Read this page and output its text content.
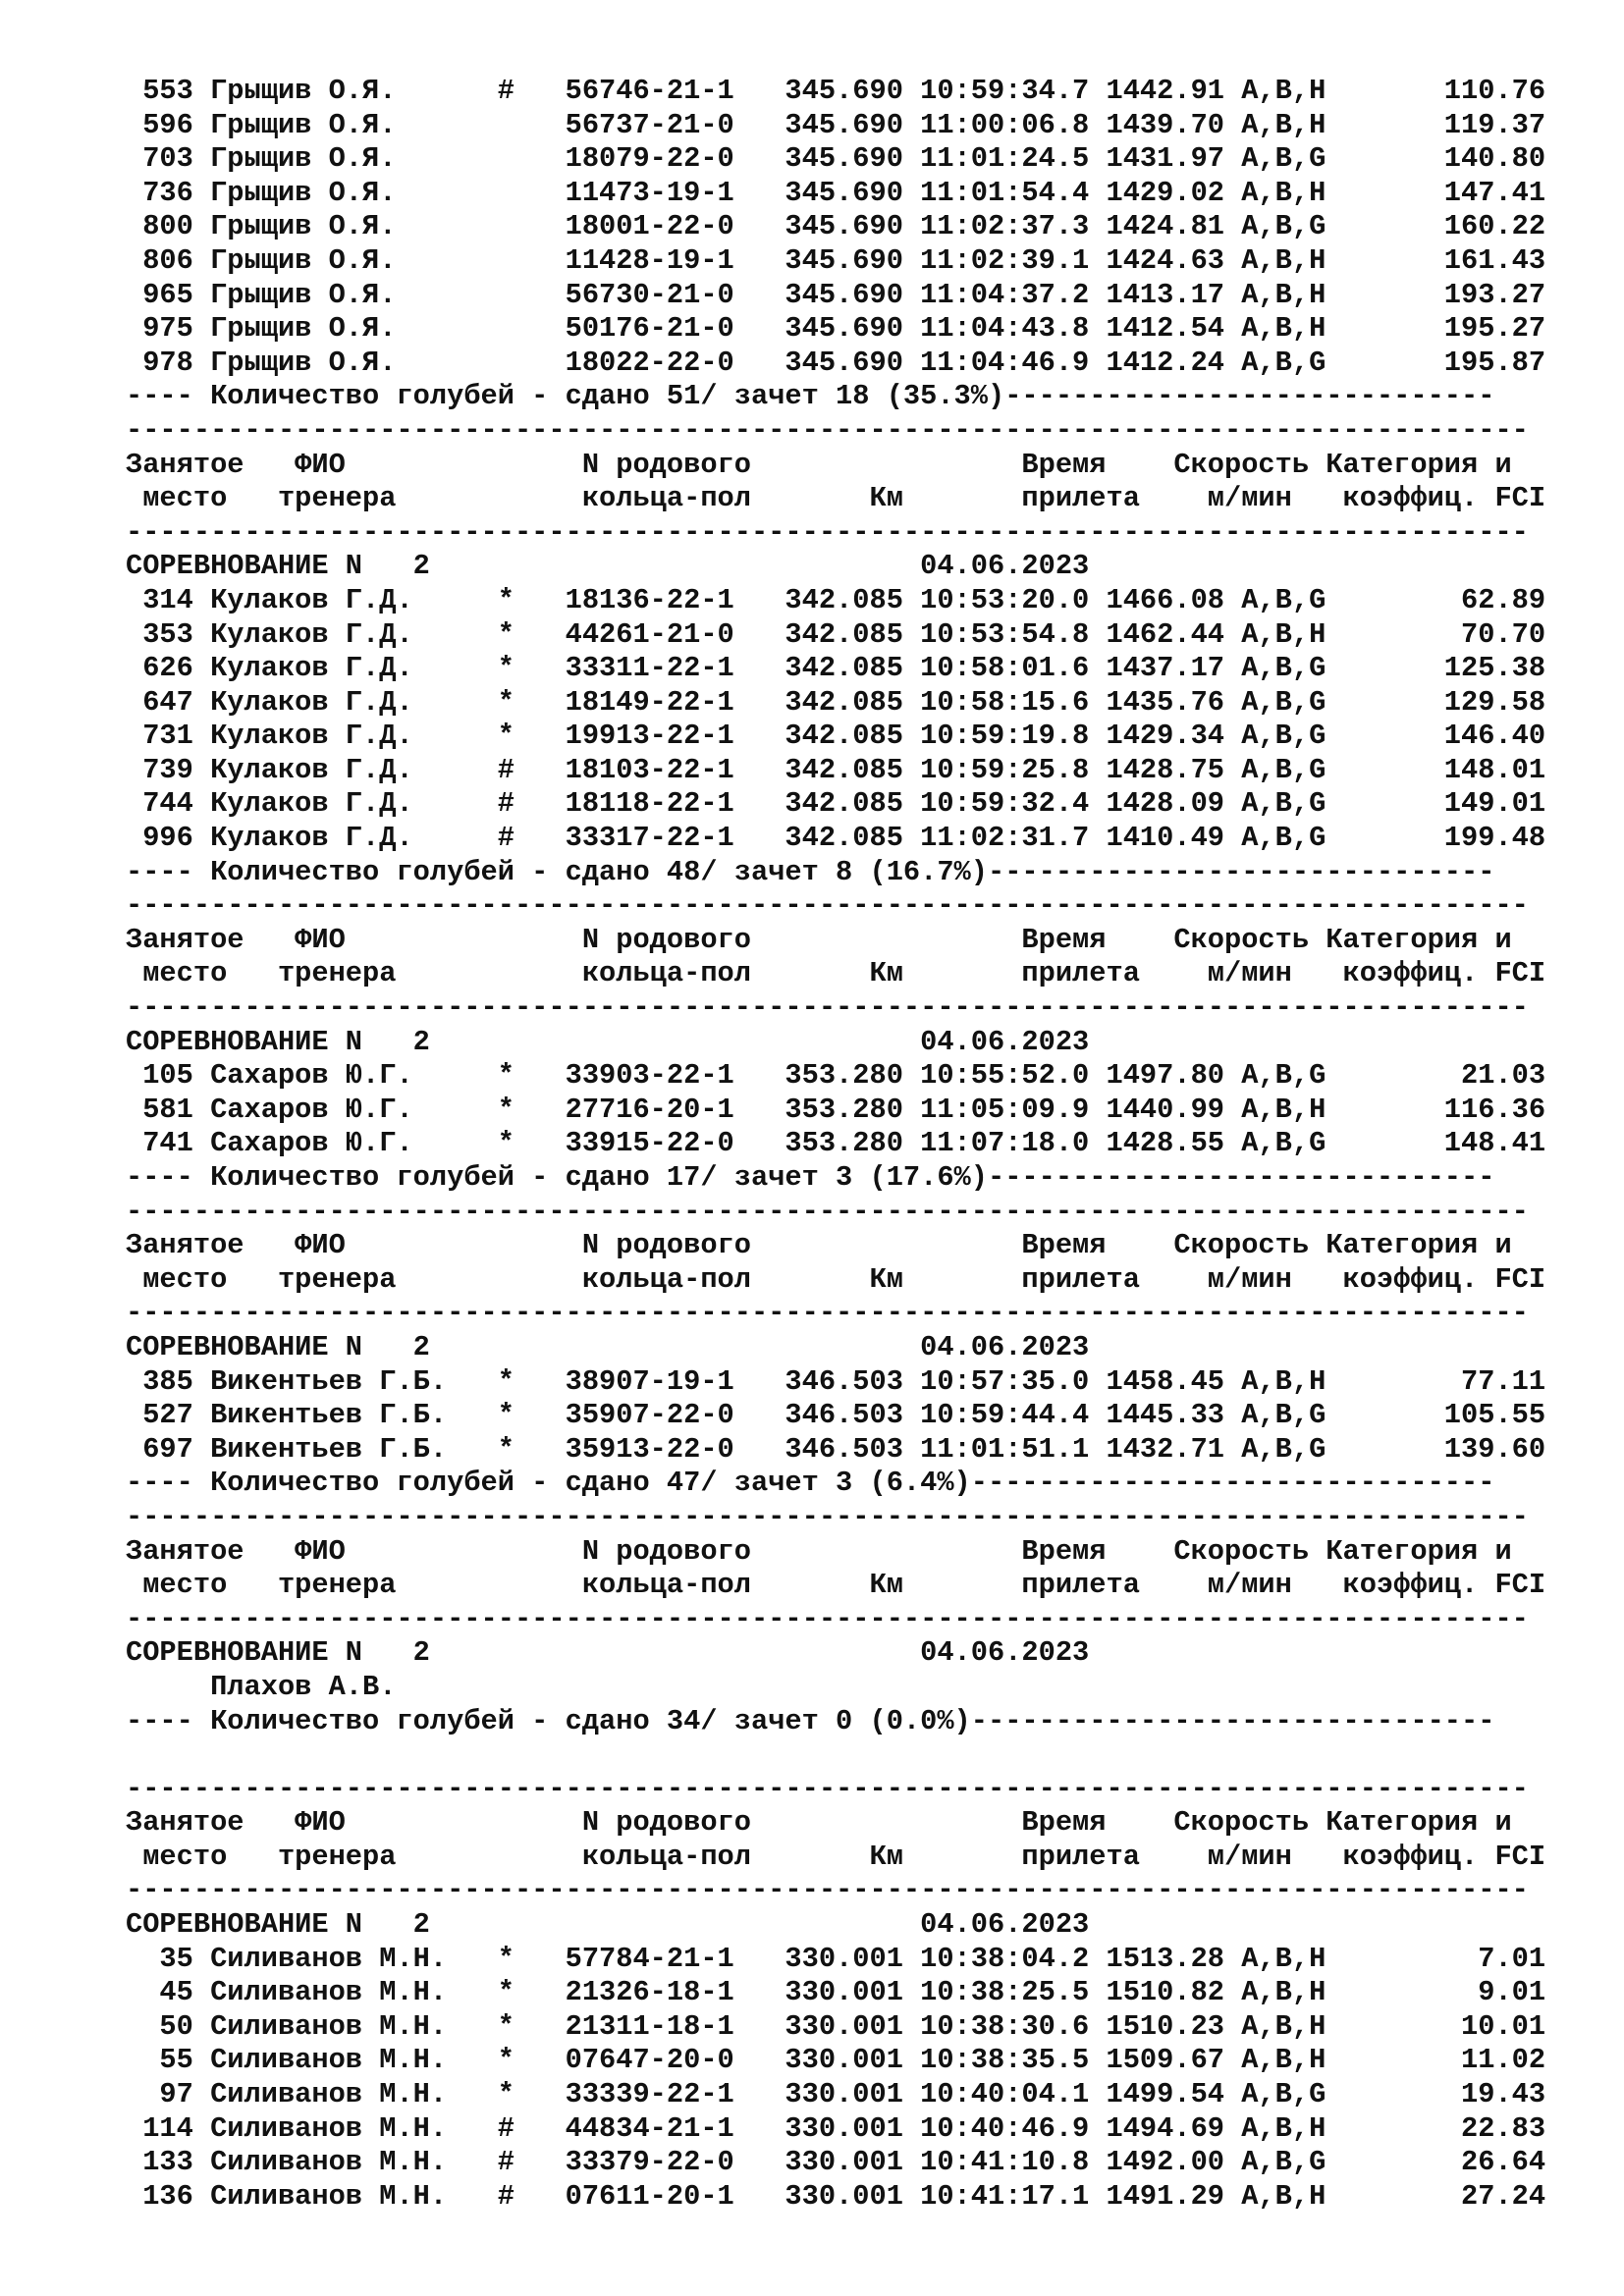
553 Грыщив О.Я.      #   56746-21-1   345.690 10:59:34.7 1442.91 A,B,H       110.76
596 Грыщив О.Я.          56737-21-0   345.690 11:00:06.8 1439.70 A,B,H       119.37
703 Грыщив О.Я.          18079-22-0   345.690 11:01:24.5 1431.97 A,B,G       140.80
736 Грыщив О.Я.          11473-19-1   345.690 11:01:54.4 1429.02 A,B,H       147.41
800 Грыщив О.Я.          18001-22-0   345.690 11:02:37.3 1424.81 A,B,G       160.22
806 Грыщив О.Я.          11428-19-1   345.690 11:02:39.1 1424.63 A,B,H       161.43
965 Грыщив О.Я.          56730-21-0   345.690 11:04:37.2 1413.17 A,B,H       193.27
975 Грыщив О.Я.          50176-21-0   345.690 11:04:43.8 1412.54 A,B,H       195.27
978 Грыщив О.Я.          18022-22-0   345.690 11:04:46.9 1412.24 A,B,G       195.87
---- Количество голубей - сдано 51/ зачет 18 (35.3%)-----------------------------
-----------------------------------------------------------------------------------
Занятое   ФИО              N родового                Время    Скорость Категория и
место   тренера           кольца-пол       Км       прилета    м/мин   коэффиц. FCI
-----------------------------------------------------------------------------------
СОРЕВНОВАНИЕ N   2                             04.06.2023
314 Кулаков Г.Д.     *   18136-22-1   342.085 10:53:20.0 1466.08 A,B,G        62.89
353 Кулаков Г.Д.     *   44261-21-0   342.085 10:53:54.8 1462.44 A,B,H        70.70
626 Кулаков Г.Д.     *   33311-22-1   342.085 10:58:01.6 1437.17 A,B,G       125.38
647 Кулаков Г.Д.     *   18149-22-1   342.085 10:58:15.6 1435.76 A,B,G       129.58
731 Кулаков Г.Д.     *   19913-22-1   342.085 10:59:19.8 1429.34 A,B,G       146.40
739 Кулаков Г.Д.     #   18103-22-1   342.085 10:59:25.8 1428.75 A,B,G       148.01
744 Кулаков Г.Д.     #   18118-22-1   342.085 10:59:32.4 1428.09 A,B,G       149.01
996 Кулаков Г.Д.     #   33317-22-1   342.085 11:02:31.7 1410.49 A,B,G       199.48
---- Количество голубей - сдано 48/ зачет 8 (16.7%)------------------------------
-----------------------------------------------------------------------------------
Занятое   ФИО              N родового                Время    Скорость Категория и
место   тренера           кольца-пол       Км       прилета    м/мин   коэффиц. FCI
-----------------------------------------------------------------------------------
СОРЕВНОВАНИЕ N   2                             04.06.2023
105 Сахаров Ю.Г.     *   33903-22-1   353.280 10:55:52.0 1497.80 A,B,G        21.03
581 Сахаров Ю.Г.     *   27716-20-1   353.280 11:05:09.9 1440.99 A,B,H       116.36
741 Сахаров Ю.Г.     *   33915-22-0   353.280 11:07:18.0 1428.55 A,B,G       148.41
---- Количество голубей - сдано 17/ зачет 3 (17.6%)------------------------------
-----------------------------------------------------------------------------------
Занятое   ФИО              N родового                Время    Скорость Категория и
место   тренера           кольца-пол       Км       прилета    м/мин   коэффиц. FCI
-----------------------------------------------------------------------------------
СОРЕВНОВАНИЕ N   2                             04.06.2023
385 Викентьев Г.Б.   *   38907-19-1   346.503 10:57:35.0 1458.45 A,B,H        77.11
527 Викентьев Г.Б.   *   35907-22-0   346.503 10:59:44.4 1445.33 A,B,G       105.55
697 Викентьев Г.Б.   *   35913-22-0   346.503 11:01:51.1 1432.71 A,B,G       139.60
---- Количество голубей - сдано 47/ зачет 3 (6.4%)-------------------------------
-----------------------------------------------------------------------------------
Занятое   ФИО              N родового                Время    Скорость Категория и
место   тренера           кольца-пол       Км       прилета    м/мин   коэффиц. FCI
-----------------------------------------------------------------------------------
СОРЕВНОВАНИЕ N   2                             04.06.2023
Плахов А.В.
---- Количество голубей - сдано 34/ зачет 0 (0.0%)-------------------------------

-----------------------------------------------------------------------------------
Занятое   ФИО              N родового                Время    Скорость Категория и
место   тренера           кольца-пол       Км       прилета    м/мин   коэффиц. FCI
-----------------------------------------------------------------------------------
СОРЕВНОВАНИЕ N   2                             04.06.2023
35 Силиванов М.Н.   *   57784-21-1   330.001 10:38:04.2 1513.28 A,B,H         7.01
45 Силиванов М.Н.   *   21326-18-1   330.001 10:38:25.5 1510.82 A,B,H         9.01
50 Силиванов М.Н.   *   21311-18-1   330.001 10:38:30.6 1510.23 A,B,H        10.01
55 Силиванов М.Н.   *   07647-20-0   330.001 10:38:35.5 1509.67 A,B,H        11.02
97 Силиванов М.Н.   *   33339-22-1   330.001 10:40:04.1 1499.54 A,B,G        19.43
114 Силиванов М.Н.   #   44834-21-1   330.001 10:40:46.9 1494.69 A,B,H        22.83
133 Силиванов М.Н.   #   33379-22-0   330.001 10:41:10.8 1492.00 A,B,G        26.64
136 Силиванов М.Н.   #   07611-20-1   330.001 10:41:17.1 1491.29 A,B,H        27.24
